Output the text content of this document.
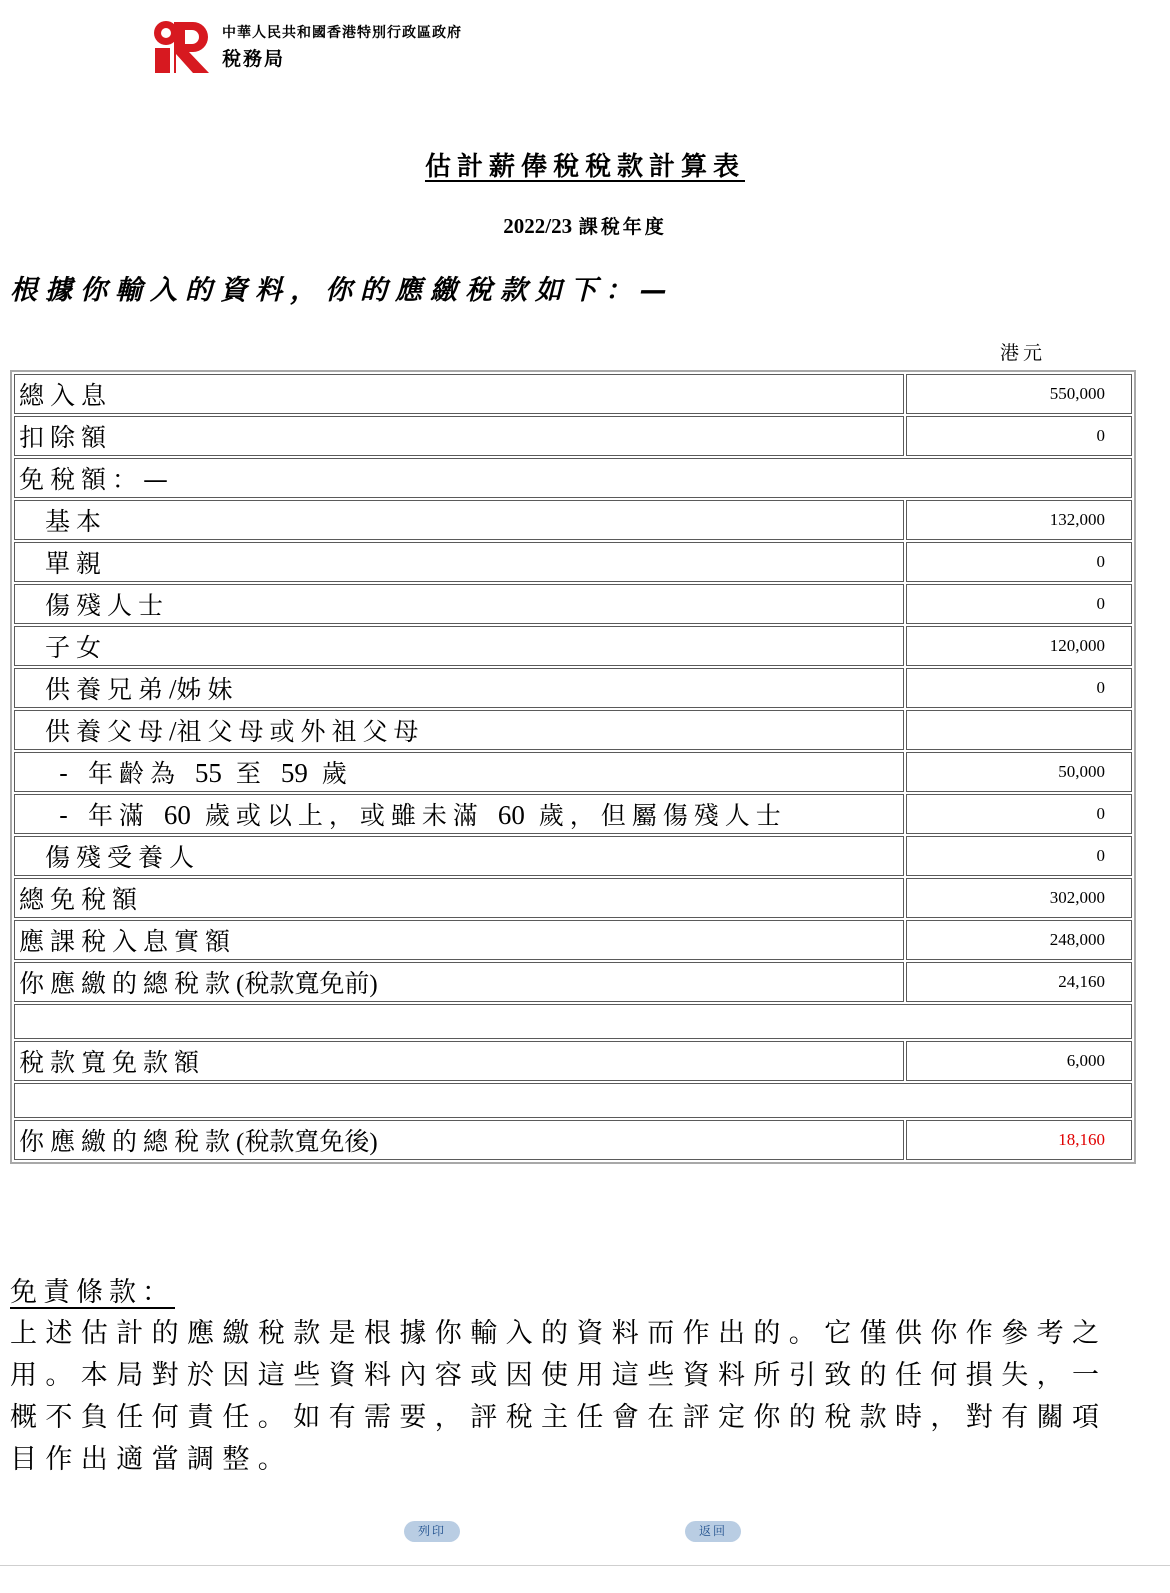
中華人民共和國香港特別行政區政府
稅務局
估計薪俸稅稅款計算表
2022/23 課稅年度
根據你輸入的資料，你的應繳稅款如下：—
港元
總入息	550,000
扣除額	0
免稅額：—	
基本	132,000
單親	0
傷殘人士	0
子女	120,000
供養兄弟/姊妹	0
供養父母/祖父母或外祖父母	
- 年齡為 55 至 59 歲	50,000
- 年滿 60 歲或以上，或雖未滿 60 歲，但屬傷殘人士	0
傷殘受養人	0
總免稅額	302,000
應課稅入息實額	248,000
你應繳的總稅款(稅款寬免前)	24,160

稅款寬免款額	6,000

你應繳的總稅款(稅款寬免後)	18,160
免責條款：
上述估計的應繳稅款是根據你輸入的資料而作出的。它僅供你作參考之用。本局對於因這些資料內容或因使用這些資料所引致的任何損失，一概不負任何責任。如有需要，評稅主任會在評定你的稅款時，對有關項目作出適當調整。
列印	返回
